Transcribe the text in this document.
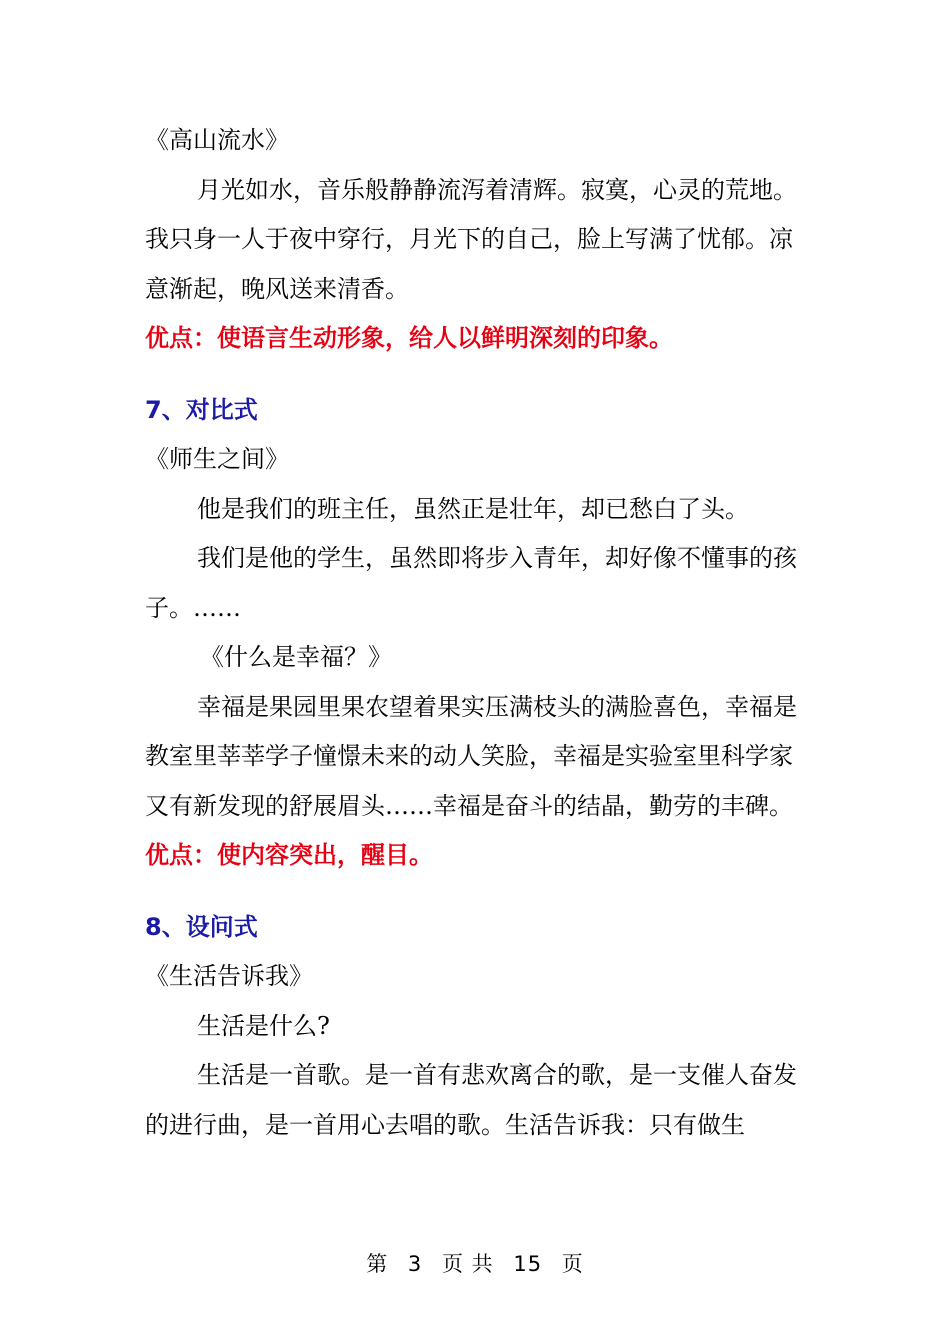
《高山流水》

月光如水，音乐般静静流泻着清辉。寂寞，心灵的荒地。我只身一人于夜中穿行，月光下的自己，脸上写满了忧郁。凉意渐起，晚风送来清香。

优点：使语言生动形象，给人以鲜明深刻的印象。

7、对比式

《师生之间》

他是我们的班主任，虽然正是壮年，却已愁白了头。

我们是他的学生，虽然即将步入青年，却好像不懂事的孩子。……

《什么是幸福？》

幸福是果园里果农望着果实压满枝头的满脸喜色，幸福是教室里莘莘学子憧憬未来的动人笑脸，幸福是实验室里科学家又有新发现的舒展眉头……幸福是奋斗的结晶，勤劳的丰碑。

优点：使内容突出，醒目。

8、设问式

《生活告诉我》

生活是什么?

生活是一首歌。是一首有悲欢离合的歌，是一支催人奋发的进行曲，是一首用心去唱的歌。生活告诉我：只有做生

第 3 页 共 15 页
